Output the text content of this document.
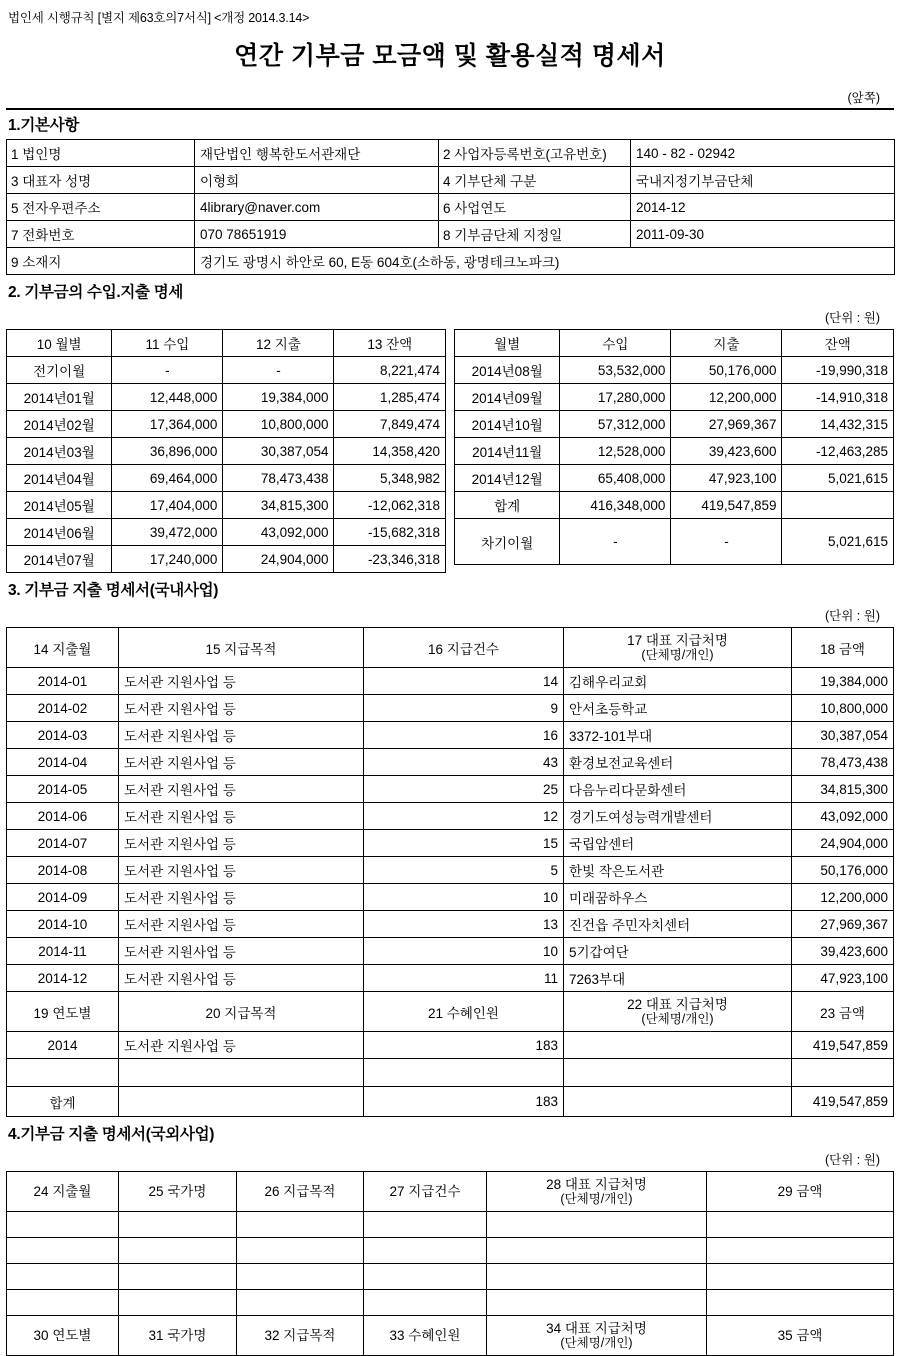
법인세 시행규칙 [별지 제63호의7서식] <개정 2014.3.14>
연간 기부금 모금액 및 활용실적 명세서
(앞쪽)
1.기본사항
1 법인명	재단법인 행복한도서관재단	2 사업자등록번호(고유번호)	140 - 82 - 02942
3 대표자 성명	이형희	4 기부단체 구분	국내지정기부금단체
5 전자우편주소	4library@naver.com	6 사업연도	2014-12
7 전화번호	070 78651919	8 기부금단체 지정일	2011-09-30
9 소재지	경기도 광명시 하안로 60, E동 604호(소하동, 광명테크노파크)		
2. 기부금의 수입.지출 명세
(단위 : 원)
10 월별	11 수입	12 지출	13 잔액
전기이월	-	-	8,221,474
2014년01월	12,448,000	19,384,000	1,285,474
2014년02월	17,364,000	10,800,000	7,849,474
2014년03월	36,896,000	30,387,054	14,358,420
2014년04월	69,464,000	78,473,438	5,348,982
2014년05월	17,404,000	34,815,300	-12,062,318
2014년06월	39,472,000	43,092,000	-15,682,318
2014년07월	17,240,000	24,904,000	-23,346,318
월별	수입	지출	잔액
2014년08월	53,532,000	50,176,000	-19,990,318
2014년09월	17,280,000	12,200,000	-14,910,318
2014년10월	57,312,000	27,969,367	14,432,315
2014년11월	12,528,000	39,423,600	-12,463,285
2014년12월	65,408,000	47,923,100	5,021,615
합계	416,348,000	419,547,859	
차기이월	-	-	5,021,615
3. 기부금 지출 명세서(국내사업)
(단위 : 원)
14 지출월	15 지급목적	16 지급건수	17 대표 지급처명
(단체명/개인)	18 금액
2014-01	도서관 지원사업 등	14	김해우리교회	19,384,000
2014-02	도서관 지원사업 등	9	안서초등학교	10,800,000
2014-03	도서관 지원사업 등	16	3372-101부대	30,387,054
2014-04	도서관 지원사업 등	43	환경보전교육센터	78,473,438
2014-05	도서관 지원사업 등	25	다음누리다문화센터	34,815,300
2014-06	도서관 지원사업 등	12	경기도여성능력개발센터	43,092,000
2014-07	도서관 지원사업 등	15	국립암센터	24,904,000
2014-08	도서관 지원사업 등	5	한빛 작은도서관	50,176,000
2014-09	도서관 지원사업 등	10	미래꿈하우스	12,200,000
2014-10	도서관 지원사업 등	13	진건읍 주민자치센터	27,969,367
2014-11	도서관 지원사업 등	10	5기갑여단	39,423,600
2014-12	도서관 지원사업 등	11	7263부대	47,923,100
19 연도별	20 지급목적	21 수혜인원	22 대표 지급처명
(단체명/개인)	23 금액
2014	도서관 지원사업 등	183		419,547,859

합계		183		419,547,859
4.기부금 지출 명세서(국외사업)
(단위 : 원)
24 지출월	25 국가명	26 지급목적	27 지급건수	28 대표 지급처명
(단체명/개인)	29 금액

30 연도별	31 국가명	32 지급목적	33 수혜인원	34 대표 지급처명
(단체명/개인)	35 금액
